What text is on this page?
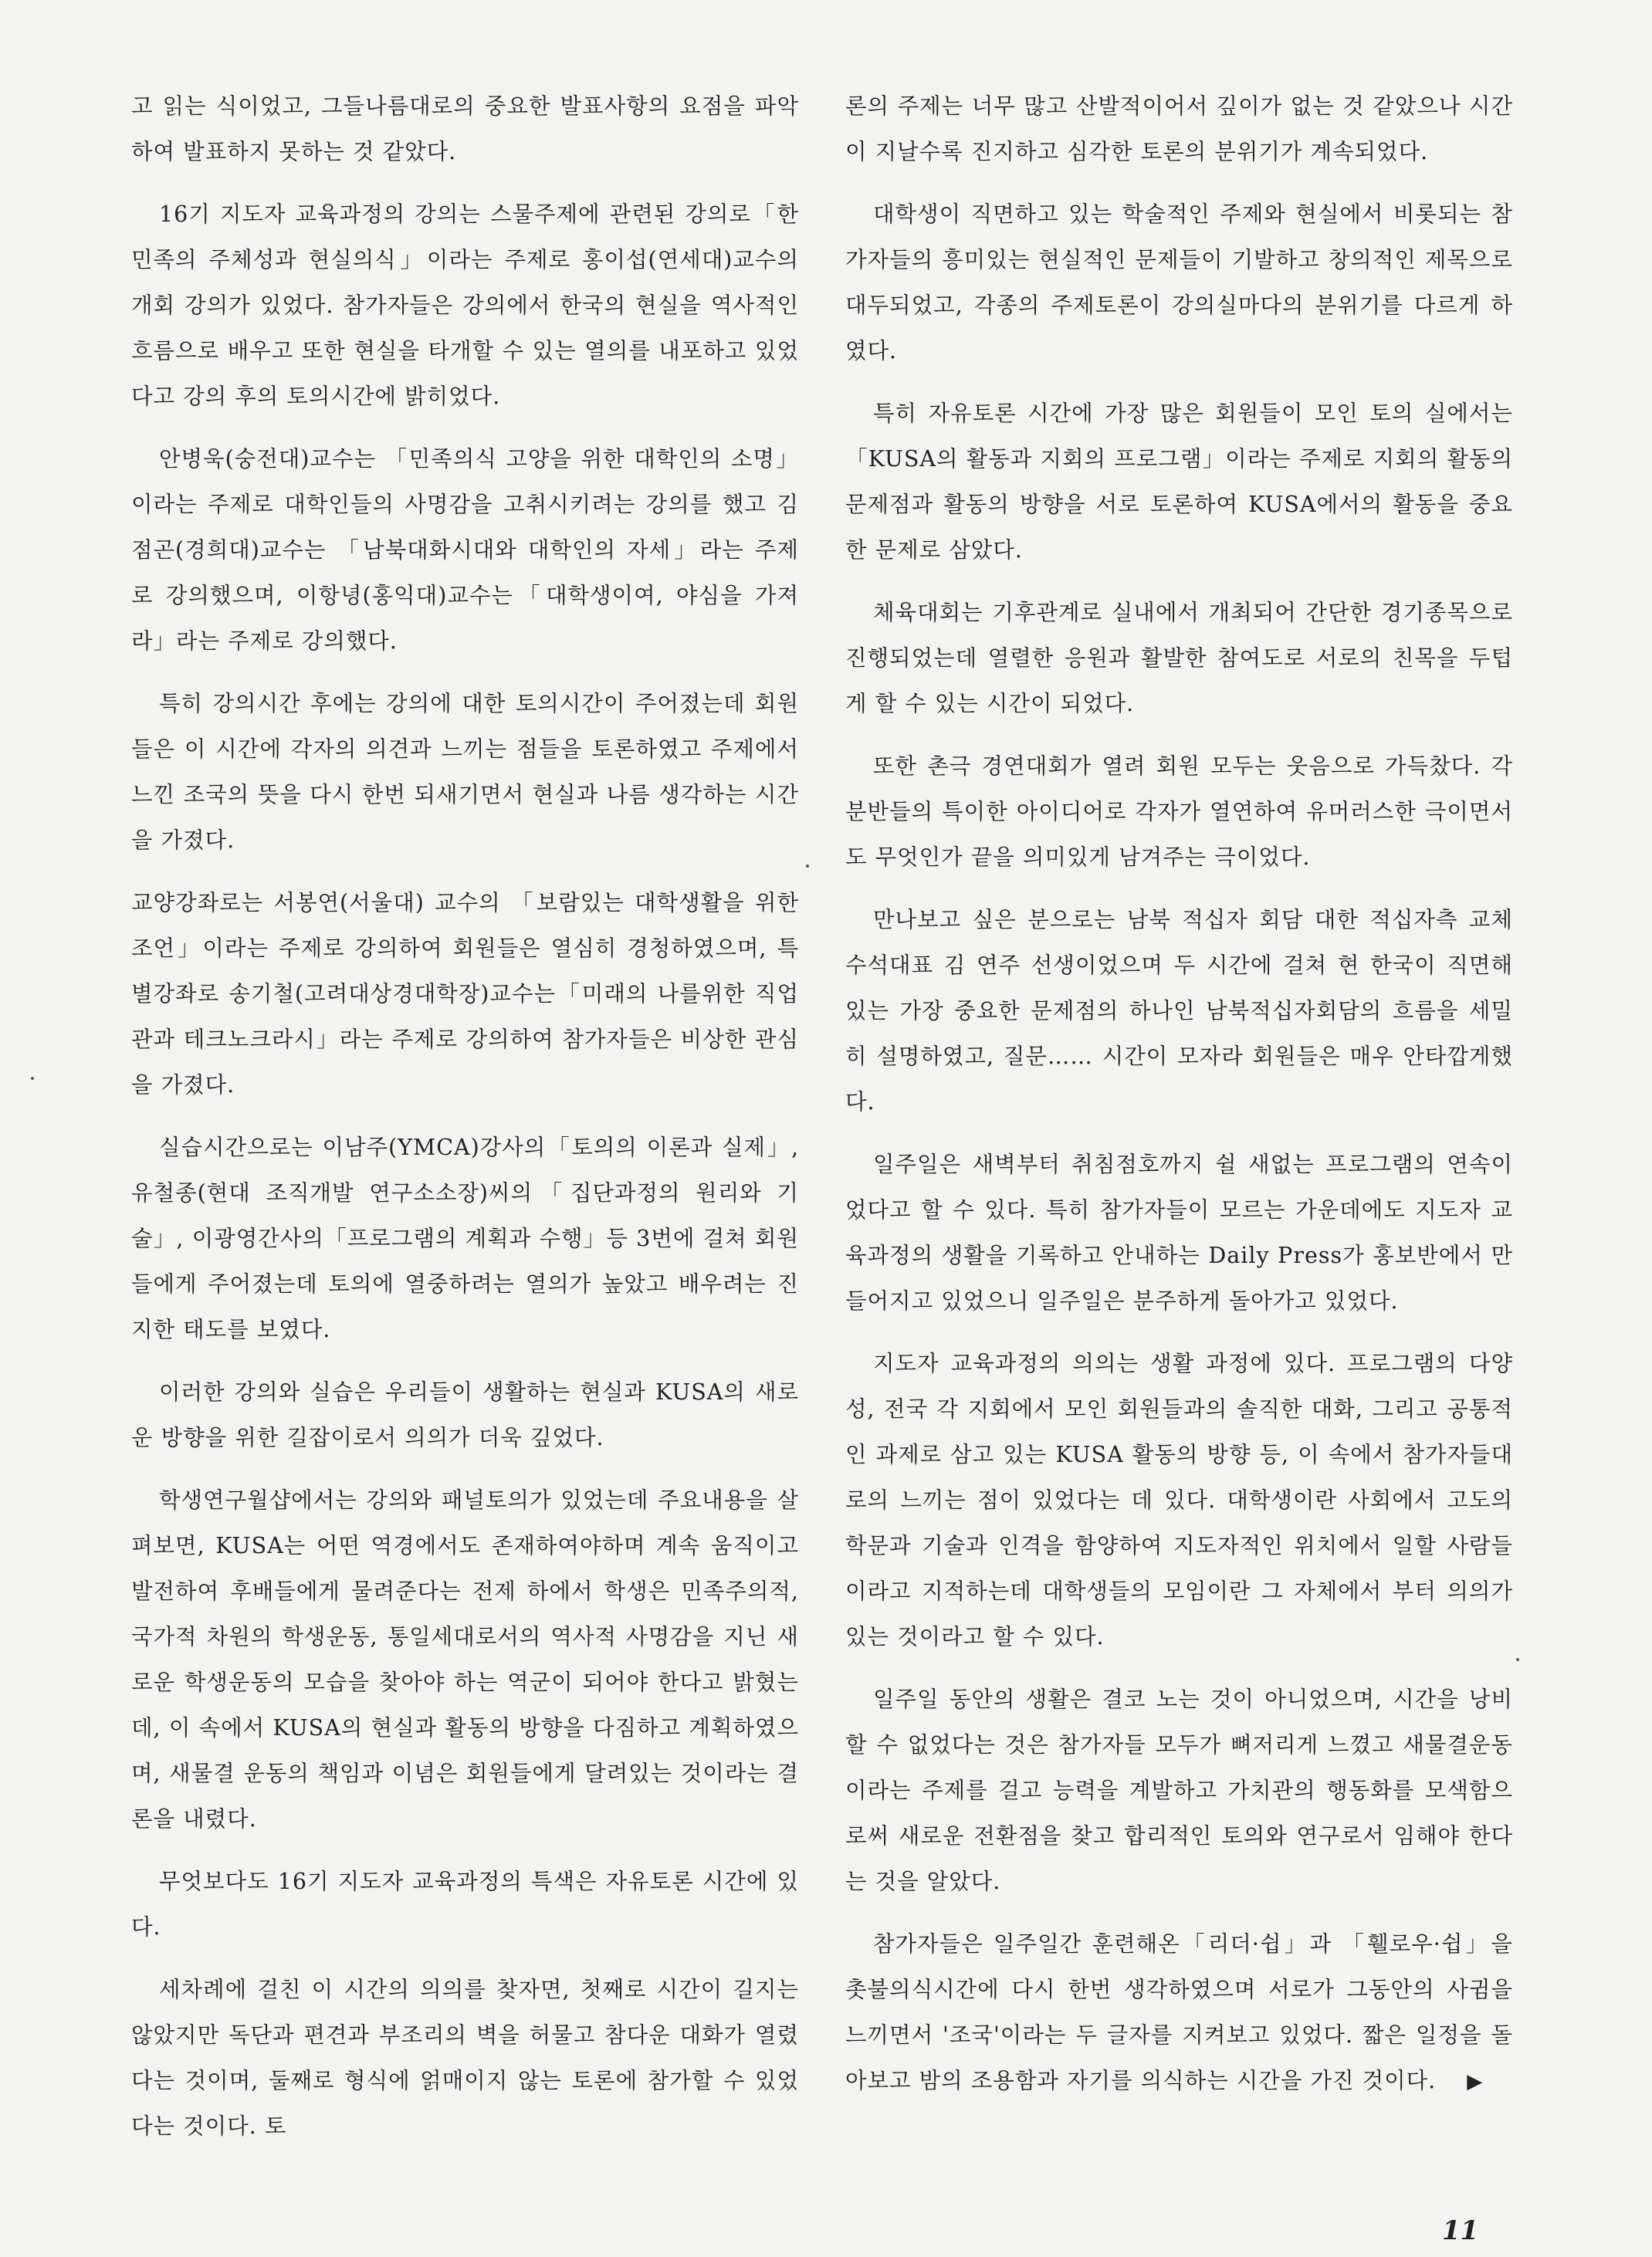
고 읽는 식이었고, 그들나름대로의 중요한 발표사항의 요점을 파악하여 발표하지 못하는 것 같았다.

16기 지도자 교육과정의 강의는 스물주제에 관련된 강의로「한민족의 주체성과 현실의식」이라는 주제로 홍이섭(연세대)교수의 개회 강의가 있었다. 참가자들은 강의에서 한국의 현실을 역사적인 흐름으로 배우고 또한 현실을 타개할 수 있는 열의를 내포하고 있었다고 강의 후의 토의시간에 밝히었다.

안병욱(숭전대)교수는 「민족의식 고양을 위한 대학인의 소명」이라는 주제로 대학인들의 사명감을 고취시키려는 강의를 했고 김점곤(경희대)교수는 「남북대화시대와 대학인의 자세」라는 주제로 강의했으며, 이항녕(홍익대)교수는「대학생이여, 야심을 가져라」라는 주제로 강의했다.

특히 강의시간 후에는 강의에 대한 토의시간이 주어졌는데 회원들은 이 시간에 각자의 의견과 느끼는 점들을 토론하였고 주제에서 느낀 조국의 뜻을 다시 한번 되새기면서 현실과 나름 생각하는 시간을 가졌다.

교양강좌로는 서봉연(서울대) 교수의 「보람있는 대학생활을 위한 조언」이라는 주제로 강의하여 회원들은 열심히 경청하였으며, 특별강좌로 송기철(고려대상경대학장)교수는「미래의 나를위한 직업관과 테크노크라시」라는 주제로 강의하여 참가자들은 비상한 관심을 가졌다.

실습시간으로는 이남주(YMCA)강사의「토의의 이론과 실제」, 유철종(현대 조직개발 연구소소장)씨의「집단과정의 원리와 기술」, 이광영간사의「프로그램의 계획과 수행」등 3번에 걸쳐 회원들에게 주어졌는데 토의에 열중하려는 열의가 높았고 배우려는 진지한 태도를 보였다.

이러한 강의와 실습은 우리들이 생활하는 현실과 KUSA의 새로운 방향을 위한 길잡이로서 의의가 더욱 깊었다.

학생연구월샵에서는 강의와 패널토의가 있었는데 주요내용을 살펴보면, KUSA는 어떤 역경에서도 존재하여야하며 계속 움직이고 발전하여 후배들에게 물려준다는 전제 하에서 학생은 민족주의적, 국가적 차원의 학생운동, 통일세대로서의 역사적 사명감을 지닌 새로운 학생운동의 모습을 찾아야 하는 역군이 되어야 한다고 밝혔는데, 이 속에서 KUSA의 현실과 활동의 방향을 다짐하고 계획하였으며, 새물결 운동의 책임과 이념은 회원들에게 달려있는 것이라는 결론을 내렸다.

무엇보다도 16기 지도자 교육과정의 특색은 자유토론 시간에 있다.

세차례에 걸친 이 시간의 의의를 찾자면, 첫째로 시간이 길지는 않았지만 독단과 편견과 부조리의 벽을 허물고 참다운 대화가 열렸다는 것이며, 둘째로 형식에 얽매이지 않는 토론에 참가할 수 있었다는 것이다. 토

론의 주제는 너무 많고 산발적이어서 깊이가 없는 것 같았으나 시간이 지날수록 진지하고 심각한 토론의 분위기가 계속되었다.

대학생이 직면하고 있는 학술적인 주제와 현실에서 비롯되는 참가자들의 흥미있는 현실적인 문제들이 기발하고 창의적인 제목으로 대두되었고, 각종의 주제토론이 강의실마다의 분위기를 다르게 하였다.

특히 자유토론 시간에 가장 많은 회원들이 모인 토의 실에서는「KUSA의 활동과 지회의 프로그램」이라는 주제로 지회의 활동의 문제점과 활동의 방향을 서로 토론하여 KUSA에서의 활동을 중요한 문제로 삼았다.

체육대회는 기후관계로 실내에서 개최되어 간단한 경기종목으로 진행되었는데 열렬한 응원과 활발한 참여도로 서로의 친목을 두텁게 할 수 있는 시간이 되었다.

또한 촌극 경연대회가 열려 회원 모두는 웃음으로 가득찼다. 각 분반들의 특이한 아이디어로 각자가 열연하여 유머러스한 극이면서도 무엇인가 끝을 의미있게 남겨주는 극이었다.

만나보고 싶은 분으로는 남북 적십자 회담 대한 적십자측 교체 수석대표 김 연주 선생이었으며 두 시간에 걸쳐 현 한국이 직면해 있는 가장 중요한 문제점의 하나인 남북적십자회담의 흐름을 세밀히 설명하였고, 질문…… 시간이 모자라 회원들은 매우 안타깝게했다.

일주일은 새벽부터 취침점호까지 쉴 새없는 프로그램의 연속이었다고 할 수 있다. 특히 참가자들이 모르는 가운데에도 지도자 교육과정의 생활을 기록하고 안내하는 Daily Press가 홍보반에서 만들어지고 있었으니 일주일은 분주하게 돌아가고 있었다.

지도자 교육과정의 의의는 생활 과정에 있다. 프로그램의 다양성, 전국 각 지회에서 모인 회원들과의 솔직한 대화, 그리고 공통적인 과제로 삼고 있는 KUSA 활동의 방향 등, 이 속에서 참가자들대로의 느끼는 점이 있었다는 데 있다. 대학생이란 사회에서 고도의 학문과 기술과 인격을 함양하여 지도자적인 위치에서 일할 사람들이라고 지적하는데 대학생들의 모임이란 그 자체에서 부터 의의가 있는 것이라고 할 수 있다.

일주일 동안의 생활은 결코 노는 것이 아니었으며, 시간을 낭비할 수 없었다는 것은 참가자들 모두가 뼈저리게 느꼈고 새물결운동이라는 주제를 걸고 능력을 계발하고 가치관의 행동화를 모색함으로써 새로운 전환점을 찾고 합리적인 토의와 연구로서 임해야 한다는 것을 알았다.

참가자들은 일주일간 훈련해온「리더·쉽」과 「휄로우·쉽」을 촛불의식시간에 다시 한번 생각하였으며 서로가 그동안의 사귐을 느끼면서 '조국'이라는 두 글자를 지켜보고 있었다. 짧은 일정을 돌아보고 밤의 조용함과 자기를 의식하는 시간을 가진 것이다. ▶

11
